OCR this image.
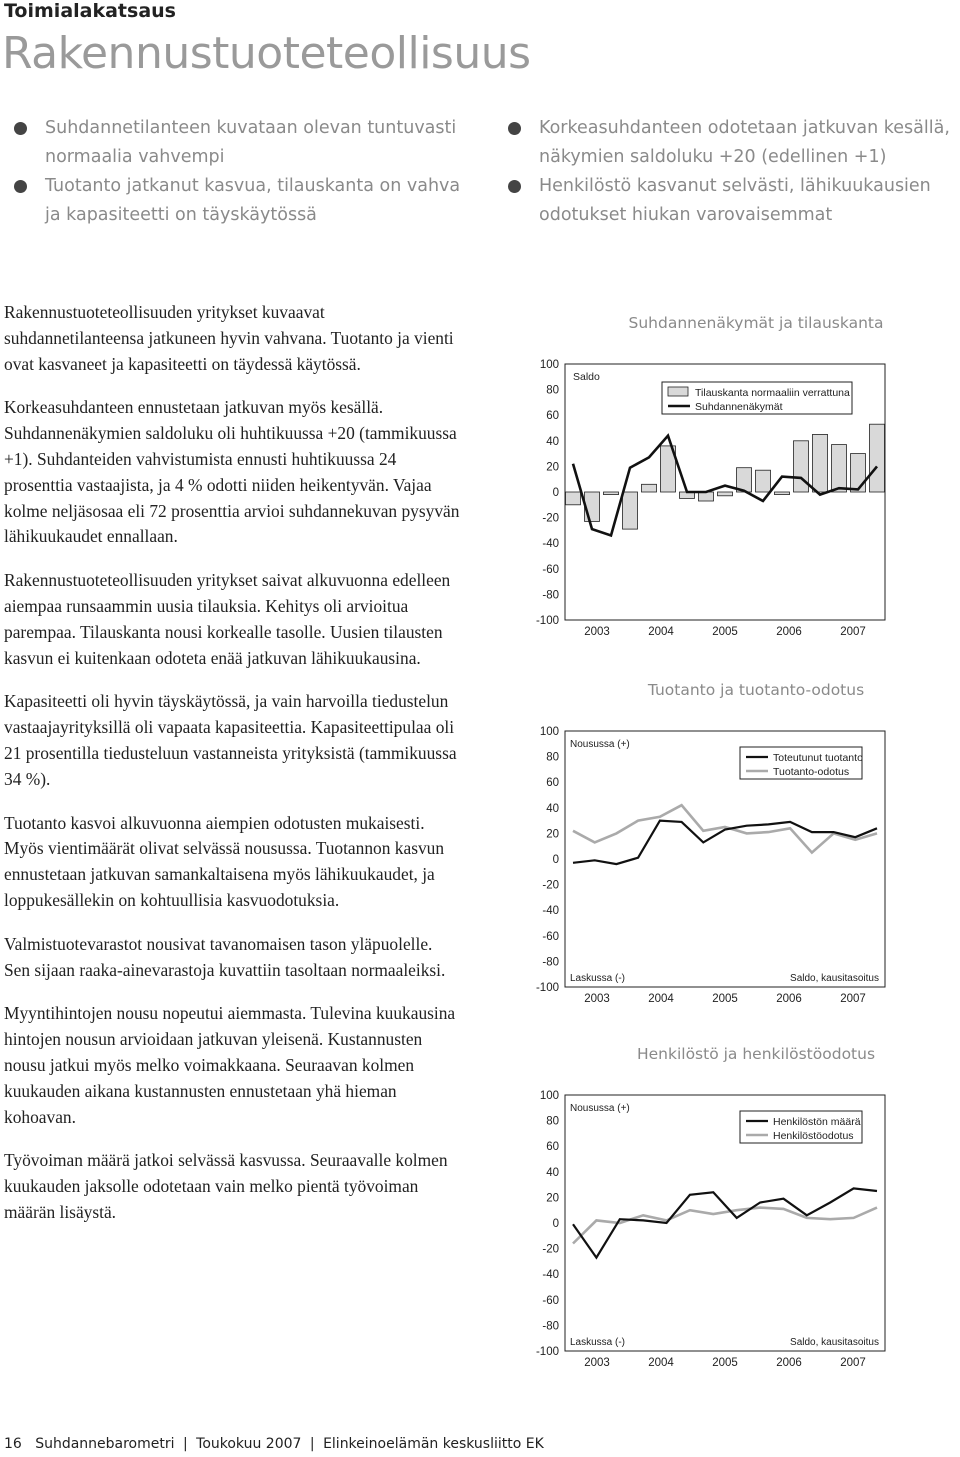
Toimialakatsaus
Rakennustuoteteollisuus
Suhdannetilanteen kuvataan olevan tuntuvasti normaalia vahvempi
Tuotanto jatkanut kasvua, tilauskanta on vahva ja kapasiteetti on täyskäytössä
Korkeasuhdanteen odotetaan jatkuvan kesällä, näkymien saldoluku +20 (edellinen +1)
Henkilöstö kasvanut selvästi, lähikuukausien odotukset hiukan varovaisemmat

Rakennustuoteteollisuuden yritykset kuvaavat suhdannetilanteensa jatkuneen hyvin vahvana. Tuotanto ja vienti ovat kasvaneet ja kapasiteetti on täydessä käytössä.

Korkeasuhdanteen ennustetaan jatkuvan myös kesällä. Suhdannenäkymien saldoluku oli huhtikuussa +20 (tammikuussa +1). Suhdanteiden vahvistumista ennusti huhtikuussa 24 prosenttia vastaajista, ja 4 % odotti niiden heikentyvän. Vajaa kolme neljäsosaa eli 72 prosenttia arvioi suhdannekuvan pysyvän lähikuukaudet ennallaan.

Rakennustuoteteollisuuden yritykset saivat alkuvuonna edelleen aiempaa runsaammin uusia tilauksia. Kehitys oli arvioitua parempaa. Tilauskanta nousi korkealle tasolle. Uusien tilausten kasvun ei kuitenkaan odoteta enää jatkuvan lähikuukausina.

Kapasiteetti oli hyvin täyskäytössä, ja vain harvoilla tiedustelun vastaajayrityksillä oli vapaata kapasiteettia. Kapasiteettipulaa oli 21 prosentilla tiedusteluun vastanneista yrityksistä (tammikuussa 34 %).

Tuotanto kasvoi alkuvuonna aiempien odotusten mukaisesti. Myös vientimäärät olivat selvässä nousussa. Tuotannon kasvun ennustetaan jatkuvan samankaltaisena myös lähikuukaudet, ja loppukesällekin on kohtuullisia kasvuodotuksia.

Valmistuotevarastot nousivat tavanomaisen tason yläpuolelle. Sen sijaan raaka-ainevarastoja kuvattiin tasoltaan normaaleiksi.

Myyntihintojen nousu nopeutui aiemmasta. Tulevina kuukausina hintojen nousun arvioidaan jatkuvan yleisenä. Kustannusten nousu jatkui myös melko voimakkaana. Seuraavan kolmen kuukauden aikana kustannusten ennustetaan yhä hieman kohoavan.

Työvoiman määrä jatkoi selvässä kasvussa. Seuraavalle kolmen kuukauden jaksolle odotetaan vain melko pientä työvoiman määrän lisäystä.

Suhdannenäkymät ja tilauskanta
100
80
60
40
20
0
-20
-40
-60
-80
-100
2003	2004	2005	2006	2007
Saldo
Tilauskanta normaaliin verrattuna
Suhdannenäkymät
Tuotanto ja tuotanto-odotus
100
80
60
40
20
0
-20
-40
-60
-80
-100
2003	2004	2005	2006	2007
Nousussa (+)
Laskussa (-)	Saldo, kausitasoitus
Toteutunut tuotanto
Tuotanto-odotus
Henkilöstö ja henkilöstöodotus
100
80
60
40
20
0
-20
-40
-60
-80
-100
2003	2004	2005	2006	2007
Nousussa (+)
Laskussa (-)	Saldo, kausitasoitus
Henkilöstön määrä
Henkilöstöodotus
16 Suhdannebarometri | Toukokuu 2007 | Elinkeinoelämän keskusliitto EK
